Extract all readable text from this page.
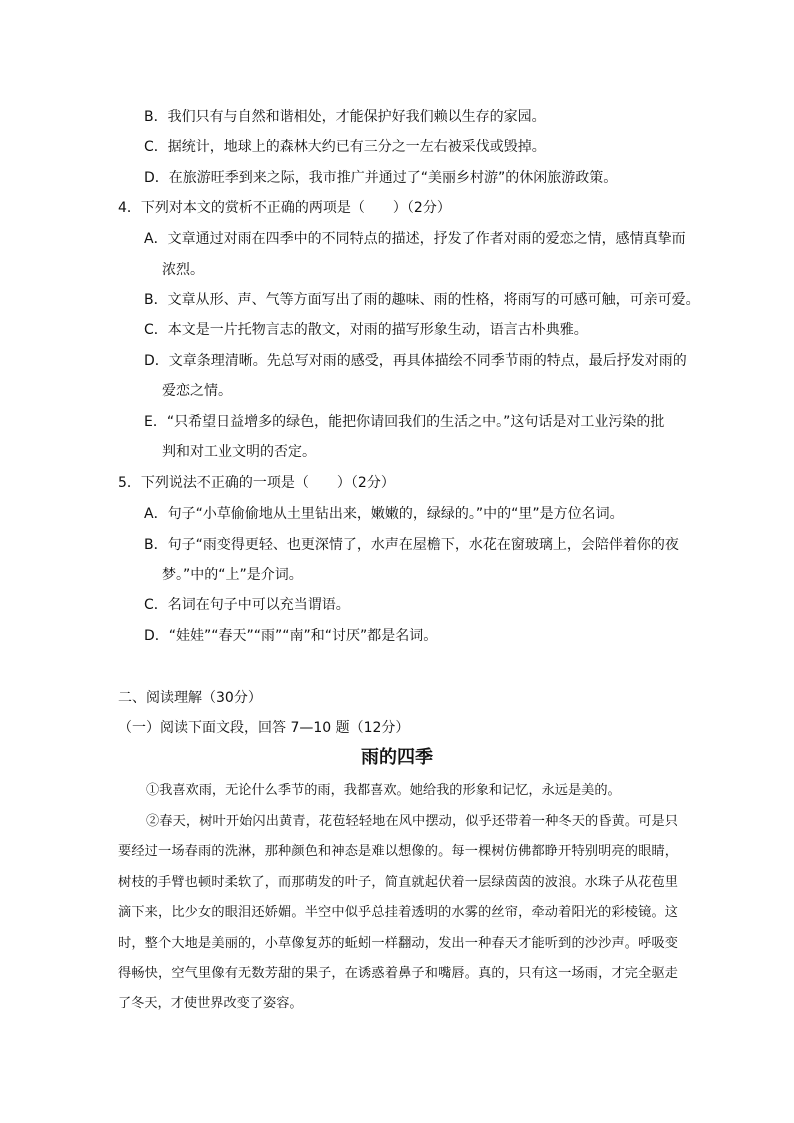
B．我们只有与自然和谐相处，才能保护好我们赖以生存的家园。
C．据统计，地球上的森林大约已有三分之一左右被采伐或毁掉。
D．在旅游旺季到来之际，我市推广并通过了“美丽乡村游”的休闲旅游政策。
4．下列对本文的赏析不正确的两项是（　　）（2分）
A．文章通过对雨在四季中的不同特点的描述，抒发了作者对雨的爱恋之情，感情真挚而
浓烈。
B．文章从形、声、气等方面写出了雨的趣味、雨的性格，将雨写的可感可触，可亲可爱。
C．本文是一片托物言志的散文，对雨的描写形象生动，语言古朴典雅。
D．文章条理清晰。先总写对雨的感受，再具体描绘不同季节雨的特点，最后抒发对雨的
爱恋之情。
E．“只希望日益增多的绿色，能把你请回我们的生活之中。”这句话是对工业污染的批
判和对工业文明的否定。
5．下列说法不正确的一项是（　　）（2分）
A．句子“小草偷偷地从土里钻出来，嫩嫩的，绿绿的。”中的“里”是方位名词。
B．句子“雨变得更轻、也更深情了，水声在屋檐下，水花在窗玻璃上，会陪伴着你的夜
梦。”中的“上”是介词。
C．名词在句子中可以充当谓语。
D．“娃娃”“春天”“雨”“南”和“讨厌”都是名词。
二、阅读理解（30分）
（一）阅读下面文段，回答 7—10 题（12分）
雨的四季
①我喜欢雨，无论什么季节的雨，我都喜欢。她给我的形象和记忆，永远是美的。
②春天，树叶开始闪出黄青，花苞轻轻地在风中摆动，似乎还带着一种冬天的昏黄。可是只要经过一场春雨的洗淋，那种颜色和神态是难以想像的。每一棵树仿佛都睁开特别明亮的眼睛，树枝的手臂也顿时柔软了，而那萌发的叶子，简直就起伏着一层绿茵茵的波浪。水珠子从花苞里滴下来，比少女的眼泪还娇媚。半空中似乎总挂着透明的水雾的丝帘，牵动着阳光的彩棱镜。这时，整个大地是美丽的，小草像复苏的蚯蚓一样翻动，发出一种春天才能听到的沙沙声。呼吸变得畅快，空气里像有无数芳甜的果子，在诱惑着鼻子和嘴唇。真的，只有这一场雨，才完全驱走了冬天，才使世界改变了姿容。
